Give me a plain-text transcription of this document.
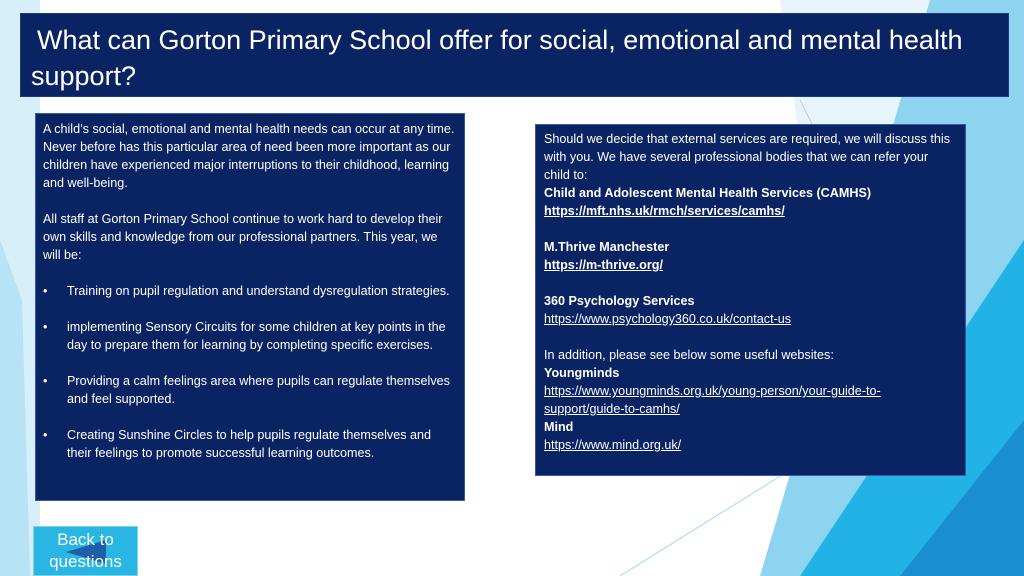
What can Gorton Primary School offer for social, emotional and mental health support?

A child’s social, emotional and mental health needs can occur at any time. Never before has this particular area of need been more important as our children have experienced major interruptions to their childhood, learning and well-being.

All staff at Gorton Primary School continue to work hard to develop their own skills and knowledge from our professional partners. This year, we will be:

• Training on pupil regulation and understand dysregulation strategies.
• implementing Sensory Circuits for some children at key points in the day to prepare them for learning by completing specific exercises.
• Providing a calm feelings area where pupils can regulate themselves and feel supported.
• Creating Sunshine Circles to help pupils regulate themselves and their feelings to promote successful learning outcomes.

Should we decide that external services are required, we will discuss this with you. We have several professional bodies that we can refer your child to:

Child and Adolescent Mental Health Services (CAMHS)

https://mft.nhs.uk/rmch/services/camhs/

M.Thrive Manchester

https://m-thrive.org/

360 Psychology Services

https://www.psychology360.co.uk/contact-us

In addition, please see below some useful websites:

Youngminds

https://www.youngminds.org.uk/young-person/your-guide-to-
support/guide-to-camhs/

Mind

https://www.mind.org.uk/

Back to
questions
